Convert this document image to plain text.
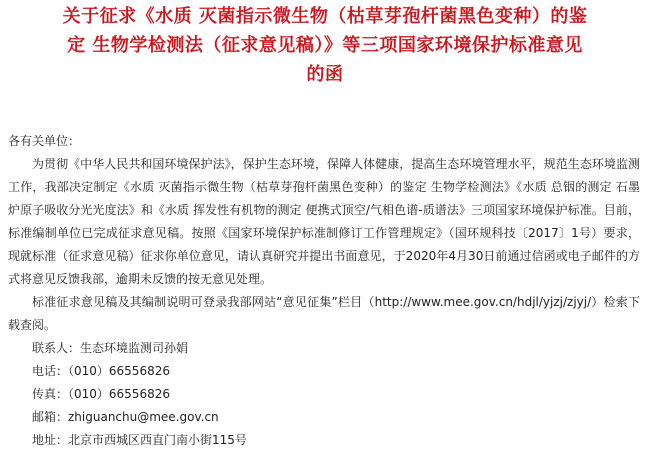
关于征求《水质 灭菌指示微生物（枯草芽孢杆菌黑色变种）的鉴
定 生物学检测法（征求意见稿）》等三项国家环境保护标准意见
的函

各有关单位：

为贯彻《中华人民共和国环境保护法》，保护生态环境，保障人体健康，提高生态环境管理水平，规范生态环境监测工作，我部决定制定《水质 灭菌指示微生物（枯草芽孢杆菌黑色变种）的鉴定 生物学检测法》《水质 总铟的测定 石墨炉原子吸收分光光度法》和《水质 挥发性有机物的测定 便携式顶空/气相色谱-质谱法》三项国家环境保护标准。目前，标准编制单位已完成征求意见稿。按照《国家环境保护标准制修订工作管理规定》（国环规科技〔2017〕1号）要求，现就标准（征求意见稿）征求你单位意见，请认真研究并提出书面意见，于2020年4月30日前通过信函或电子邮件的方式将意见反馈我部，逾期未反馈的按无意见处理。

标准征求意见稿及其编制说明可登录我部网站“意见征集”栏目（http://www.mee.gov.cn/hdjl/yjzj/zjyj/）检索下载查阅。

联系人：生态环境监测司孙娟
电话：（010）66556826
传真：（010）66556826
邮箱：zhiguanchu@mee.gov.cn
地址：北京市西城区西直门南小街115号
